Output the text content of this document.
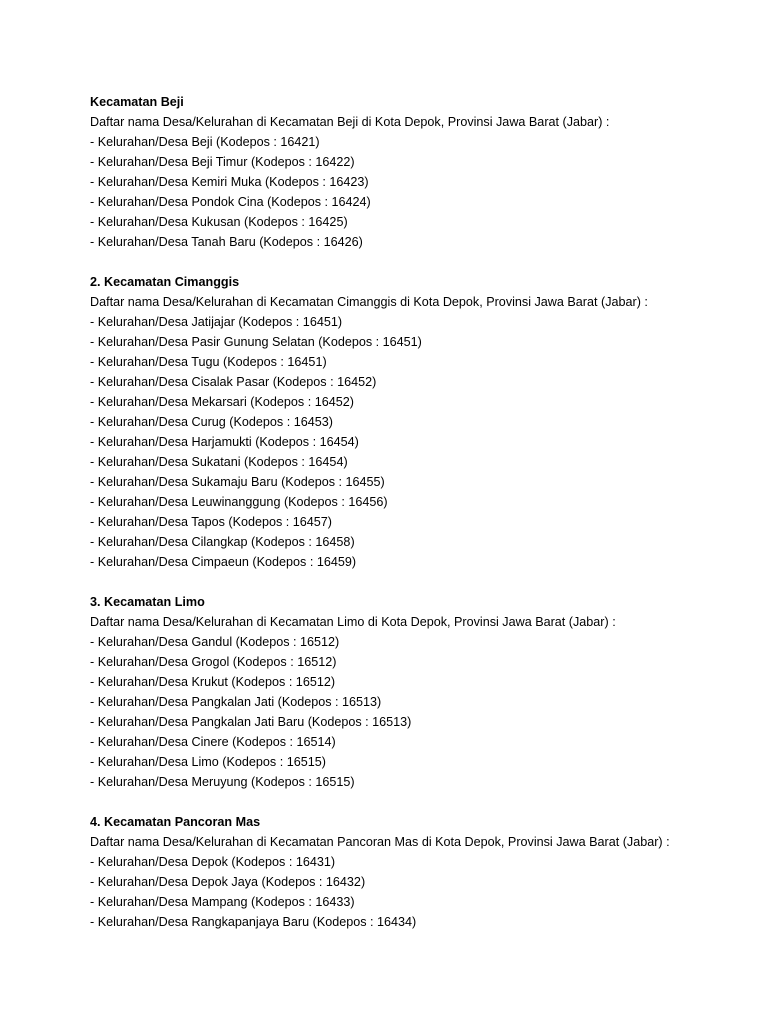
Kecamatan Beji

Daftar nama Desa/Kelurahan di Kecamatan Beji di Kota Depok, Provinsi Jawa Barat (Jabar) :

- Kelurahan/Desa Beji (Kodepos : 16421)

- Kelurahan/Desa Beji Timur (Kodepos : 16422)

- Kelurahan/Desa Kemiri Muka (Kodepos : 16423)

- Kelurahan/Desa Pondok Cina (Kodepos : 16424)

- Kelurahan/Desa Kukusan (Kodepos : 16425)

- Kelurahan/Desa Tanah Baru (Kodepos : 16426)

2. Kecamatan Cimanggis

Daftar nama Desa/Kelurahan di Kecamatan Cimanggis di Kota Depok, Provinsi Jawa Barat (Jabar) :

- Kelurahan/Desa Jatijajar (Kodepos : 16451)

- Kelurahan/Desa Pasir Gunung Selatan (Kodepos : 16451)

- Kelurahan/Desa Tugu (Kodepos : 16451)

- Kelurahan/Desa Cisalak Pasar (Kodepos : 16452)

- Kelurahan/Desa Mekarsari (Kodepos : 16452)

- Kelurahan/Desa Curug (Kodepos : 16453)

- Kelurahan/Desa Harjamukti (Kodepos : 16454)

- Kelurahan/Desa Sukatani (Kodepos : 16454)

- Kelurahan/Desa Sukamaju Baru (Kodepos : 16455)

- Kelurahan/Desa Leuwinanggung (Kodepos : 16456)

- Kelurahan/Desa Tapos (Kodepos : 16457)

- Kelurahan/Desa Cilangkap (Kodepos : 16458)

- Kelurahan/Desa Cimpaeun (Kodepos : 16459)

3. Kecamatan Limo

Daftar nama Desa/Kelurahan di Kecamatan Limo di Kota Depok, Provinsi Jawa Barat (Jabar) :

- Kelurahan/Desa Gandul (Kodepos : 16512)

- Kelurahan/Desa Grogol (Kodepos : 16512)

- Kelurahan/Desa Krukut (Kodepos : 16512)

- Kelurahan/Desa Pangkalan Jati (Kodepos : 16513)

- Kelurahan/Desa Pangkalan Jati Baru (Kodepos : 16513)

- Kelurahan/Desa Cinere (Kodepos : 16514)

- Kelurahan/Desa Limo (Kodepos : 16515)

- Kelurahan/Desa Meruyung (Kodepos : 16515)

4. Kecamatan Pancoran Mas

Daftar nama Desa/Kelurahan di Kecamatan Pancoran Mas di Kota Depok, Provinsi Jawa Barat (Jabar) :

- Kelurahan/Desa Depok (Kodepos : 16431)

- Kelurahan/Desa Depok Jaya (Kodepos : 16432)

- Kelurahan/Desa Mampang (Kodepos : 16433)

- Kelurahan/Desa Rangkapanjaya Baru (Kodepos : 16434)
